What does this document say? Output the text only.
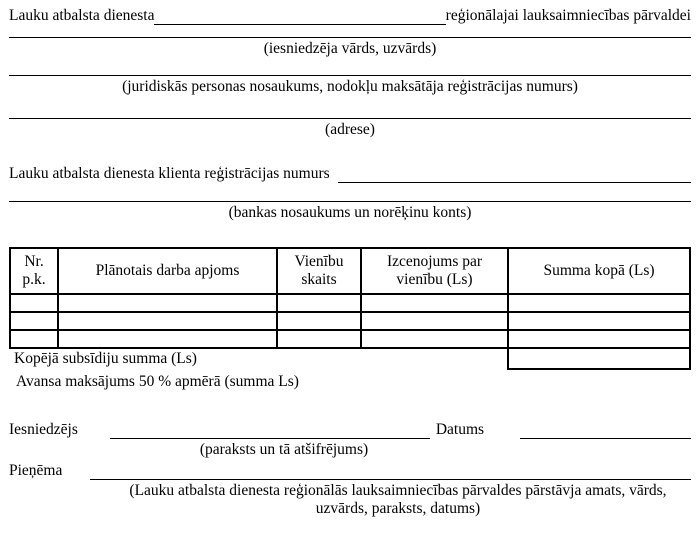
Lauku atbalsta dienesta	reģionālajai lauksaimniecības pārvaldei
(iesniedzēja vārds, uzvārds)
(juridiskās personas nosaukums, nodokļu maksātāja reģistrācijas numurs)
(adrese)
Lauku atbalsta dienesta klienta reģistrācijas numurs
(bankas nosaukums un norēķinu konts)
Nr. p.k.	Plānotais darba apjoms	Vienību skaits	Izcenojums par vienību (Ls)	Summa kopā (Ls)

Kopējā subsīdiju summa (Ls)
Avansa maksājums 50 % apmērā (summa Ls)
Iesniedzējs	Datums
(paraksts un tā atšifrējums)
Pieņēma
(Lauku atbalsta dienesta reģionālās lauksaimniecības pārvaldes pārstāvja amats, vārds, uzvārds, paraksts, datums)
